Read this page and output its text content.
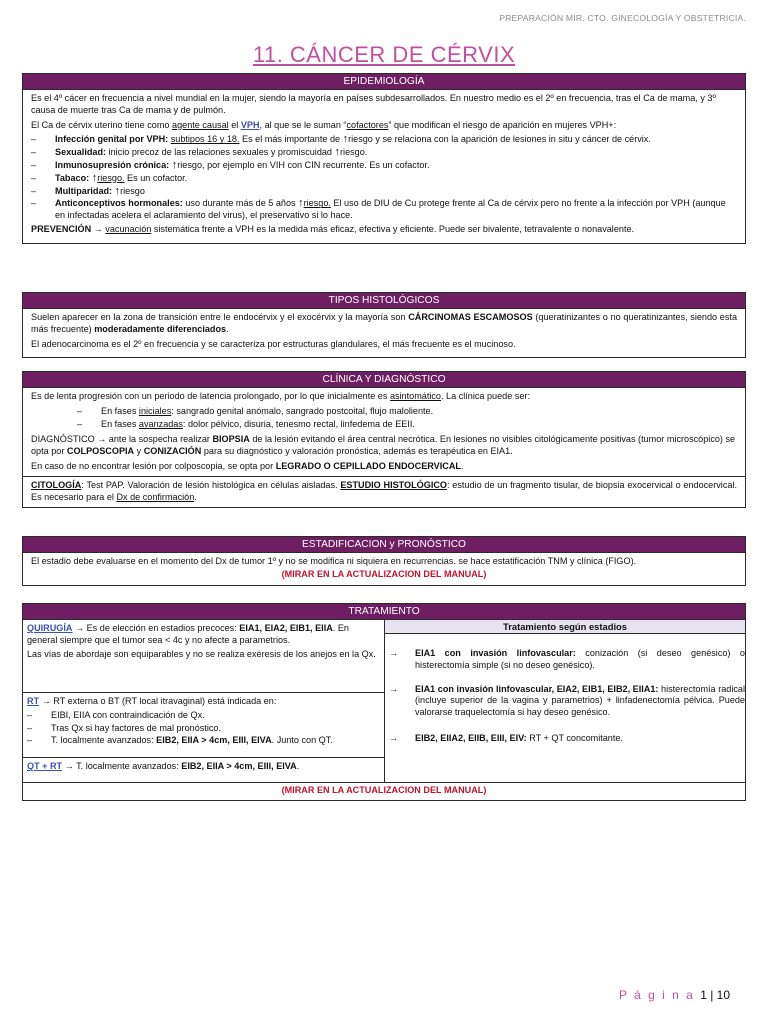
PREPARACIÓN MIR. CTO. GINECOLOGÍA Y OBSTETRICIA.
11. CÁNCER DE CÉRVIX
EPIDEMIOLOGÍA

Es el 4º cácer en frecuencia a nivel mundial en la mujer, siendo la mayoría en países subdesarrollados. En nuestro medio es el 2º en frecuencia, tras el Ca de mama, y 3º causa de muerte tras Ca de mama y de pulmón.

El Ca de cérvix uterino tiene como agente causal el VPH, al que se le suman “cofactores” que modifican el riesgo de aparición en mujeres VPH+:

– Infección genital por VPH: subtipos 16 y 18. Es el más importante de ↑riesgo y se relaciona con la aparición de lesiones in situ y cáncer de cérvix.
– Sexualidad: inicio precoz de las relaciones sexuales y promiscuidad ↑riesgo.
– Inmunosupresión crónica: ↑riesgo, por ejemplo en VIH con CIN recurrente. Es un cofactor.
– Tabaco: ↑riesgo. Es un cofactor.
– Multiparidad: ↑riesgo
– Anticonceptivos hormonales: uso durante más de 5 años ↑riesgo. El uso de DIU de Cu protege frente al Ca de cérvix pero no frente a la infección por VPH (aunque en infectadas acelera el aclaramiento del virus), el preservativo si lo hace.

PREVENCIÓN → vacunación sistemática frente a VPH es la medida más eficaz, efectiva y eficiente. Puede ser bivalente, tetravalente o nonavalente.

TIPOS HISTOLÓGICOS

Suelen aparecer en la zona de transición entre le endocérvix y el exocérvix y la mayoría son CÁRCINOMAS ESCAMOSOS (queratinizantes o no queratinizantes, siendo esta más frecuente) moderadamente diferenciados.

El adenocarcinoma es el 2º en frecuencia y se caracteriza por estructuras glandulares, el más frecuente es el mucinoso.

CLÍNICA Y DIAGNÓSTICO

Es de lenta progresión con un periodo de latencia prolongado, por lo que inicialmente es asintomático. La clínica puede ser:

– En fases iniciales: sangrado genital anómalo, sangrado postcoital, flujo maloliente.
– En fases avanzadas: dolor pélvico, disuria, tenesmo rectal, linfedema de EEII.

DIAGNÓSTICO → ante la sospecha realizar BIOPSIA de la lesión evitando el área central necrótica. En lesiones no visibles citológicamente positivas (tumor microscópico) se opta por COLPOSCOPIA y CONIZACIÓN para su diagnóstico y valoración pronóstica, además es terapéutica en EIA1.

En caso de no encontrar lesión por colposcopia, se opta por LEGRADO O CEPILLADO ENDOCERVICAL.

CITOLOGÍA: Test PAP. Valoración de lesión histológica en células aisladas. ESTUDIO HISTOLÓGICO: estudio de un fragmento tisular, de biopsia exocervical o endocervical. Es necesario para el Dx de confirmación.

ESTADIFICACION y PRONÓSTICO

El estadio debe evaluarse en el momento del Dx de tumor 1º y no se modifica ni siquiera en recurrencias. se hace estatificación TNM y clínica (FIGO).

(MIRAR EN LA ACTUALIZACION DEL MANUAL)
TRATAMIENTO

QUIRUGÍA → Es de elección en estadios precoces: EIA1, EIA2, EIB1, EIIA. En general siempre que el tumor sea < 4c y no afecte a parametrios.

Las vías de abordaje son equiparables y no se realiza exéresis de los anejos en la Qx.

RT → RT externa o BT (RT local itravaginal) está indicada en:

– EIBI, EIIA con contraindicación de Qx.
– Tras Qx si hay factores de mal pronóstico.
– T. localmente avanzados: EIB2, EIIA > 4cm, EIII, EIVA. Junto con QT.
QT + RT → T. localmente avanzados: EIB2, EIIA > 4cm, EIII, EIVA.
Tratamiento según estadios
→	EIA1 con invasión linfovascular: conización (si deseo genésico) o histerectomía simple (si no deseo genésico).
→	EIA1 con invasión linfovascular, EIA2, EIB1, EIB2, EIIA1: histerectomía radical (incluye superior de la vagina y parametrios) + linfadenectomía pélvica. Puede valorarse traquelectomía si hay deseo genésico.
→	EIB2, EIIA2, EIIB, EIII, EIV: RT + QT concomitante.
(MIRAR EN LA ACTUALIZACION DEL MANUAL)
P á g i n a 1 | 10
